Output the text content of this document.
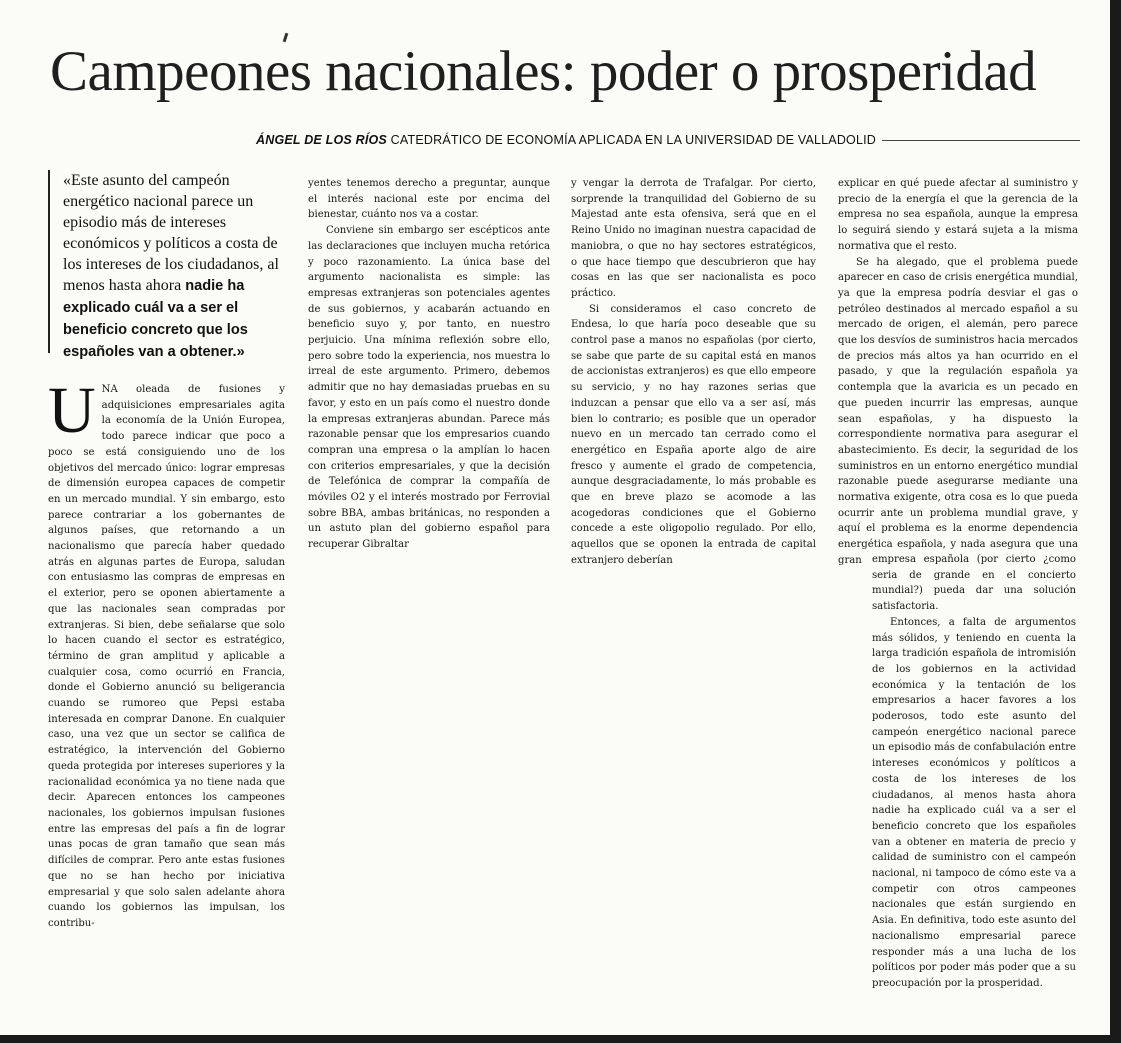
Campeones nacionales: poder o prosperidad
ÁNGEL DE LOS RÍOS CATEDRÁTICO DE ECONOMÍA APLICADA EN LA UNIVERSIDAD DE VALLADOLID
«Este asunto del campeón energético nacional parece un episodio más de intereses económicos y políticos a costa de los intereses de los ciudadanos, al menos hasta ahora nadie ha explicado cuál va a ser el beneficio concreto que los españoles van a obtener.»
U NA oleada de fusiones y adquisiciones empresariales agita la economía de la Unión Europea, todo parece indicar que poco a poco se está consiguiendo uno de los objetivos del mercado único: lograr empresas de dimensión europea capaces de competir en un mercado mundial. Y sin embargo, esto parece contrariar a los gobernantes de algunos países, que retornando a un nacionalismo que parecía haber quedado atrás en algunas partes de Europa, saludan con entusiasmo las compras de empresas en el exterior, pero se oponen abiertamente a que las nacionales sean compradas por extranjeras. Si bien, debe señalarse que solo lo hacen cuando el sector es estratégico, término de gran amplitud y aplicable a cualquier cosa, como ocurrió en Francia, donde el Gobierno anunció su beligerancia cuando se rumoreo que Pepsi estaba interesada en comprar Danone. En cualquier caso, una vez que un sector se califica de estratégico, la intervención del Gobierno queda protegida por intereses superiores y la racionalidad económica ya no tiene nada que decir. Aparecen entonces los campeones nacionales, los gobiernos impulsan fusiones entre las empresas del país a fin de lograr unas pocas de gran tamaño que sean más difíciles de comprar. Pero ante estas fusiones que no se han hecho por iniciativa empresarial y que solo salen adelante ahora cuando los gobiernos las impulsan, los contribu-

yentes tenemos derecho a preguntar, aunque el interés nacional este por encima del bienestar, cuánto nos va a costar.

Conviene sin embargo ser escépticos ante las declaraciones que incluyen mucha retórica y poco razonamiento. La única base del argumento nacionalista es simple: las empresas extranjeras son potenciales agentes de sus gobiernos, y acabarán actuando en beneficio suyo y, por tanto, en nuestro perjuicio. Una mínima reflexión sobre ello, pero sobre todo la experiencia, nos muestra lo irreal de este argumento. Primero, debemos admitir que no hay demasiadas pruebas en su favor, y esto en un país como el nuestro donde la empresas extranjeras abundan. Parece más razonable pensar que los empresarios cuando compran una empresa o la amplían lo hacen con criterios empresariales, y que la decisión de Telefónica de comprar la compañía de móviles O2 y el interés mostrado por Ferrovial sobre BBA, ambas británicas, no responden a un astuto plan del gobierno español para recuperar Gibraltar

y vengar la derrota de Trafalgar. Por cierto, sorprende la tranquilidad del Gobierno de su Majestad ante esta ofensiva, será que en el Reino Unido no imaginan nuestra capacidad de maniobra, o que no hay sectores estratégicos, o que hace tiempo que descubrieron que hay cosas en las que ser nacionalista es poco práctico.

Si consideramos el caso concreto de Endesa, lo que haría poco deseable que su control pase a manos no españolas (por cierto, se sabe que parte de su capital está en manos de accionistas extranjeros) es que ello empeore su servicio, y no hay razones serias que induzcan a pensar que ello va a ser así, más bien lo contrario; es posible que un operador nuevo en un mercado tan cerrado como el energético en España aporte algo de aire fresco y aumente el grado de competencia, aunque desgraciadamente, lo más probable es que en breve plazo se acomode a las acogedoras condiciones que el Gobierno concede a este oligopolio regulado. Por ello, aquellos que se oponen la entrada de capital extranjero deberían

explicar en qué puede afectar al suministro y precio de la energía el que la gerencia de la empresa no sea española, aunque la empresa lo seguirá siendo y estará sujeta a la misma normativa que el resto.

Se ha alegado, que el problema puede aparecer en caso de crisis energética mundial, ya que la empresa podría desviar el gas o petróleo destinados al mercado español a su mercado de origen, el alemán, pero parece que los desvíos de suministros hacia mercados de precios más altos ya han ocurrido en el pasado, y que la regulación española ya contempla que la avaricia es un pecado en que pueden incurrir las empresas, aunque sean españolas, y ha dispuesto la correspondiente normativa para asegurar el abastecimiento. Es decir, la seguridad de los suministros en un entorno energético mundial razonable puede asegurarse mediante una normativa exigente, otra cosa es lo que pueda ocurrir ante un problema mundial grave, y aquí el problema es la enorme dependencia energética española, y nada asegura que una gran	empresa española (por cierto ¿como seria de grande en el concierto mundial?) pueda dar una solución satisfactoria.

Entonces, a falta de argumentos más sólidos, y teniendo en cuenta la larga tradición española de intromisión de los gobiernos en la actividad económica y la tentación de los empresarios a hacer favores a los poderosos, todo este asunto del campeón energético nacional parece un episodio más de confabulación entre intereses económicos y políticos a costa de los intereses de los ciudadanos, al menos hasta ahora nadie ha explicado cuál va a ser el beneficio concreto que los españoles van a obtener en materia de precio y calidad de suministro con el campeón nacional, ni tampoco de cómo este va a competir con otros campeones nacionales que están surgiendo en Asia. En definitiva, todo este asunto del nacionalismo empresarial parece responder más a una lucha de los políticos por poder más poder que a su preocupación por la prosperidad.
